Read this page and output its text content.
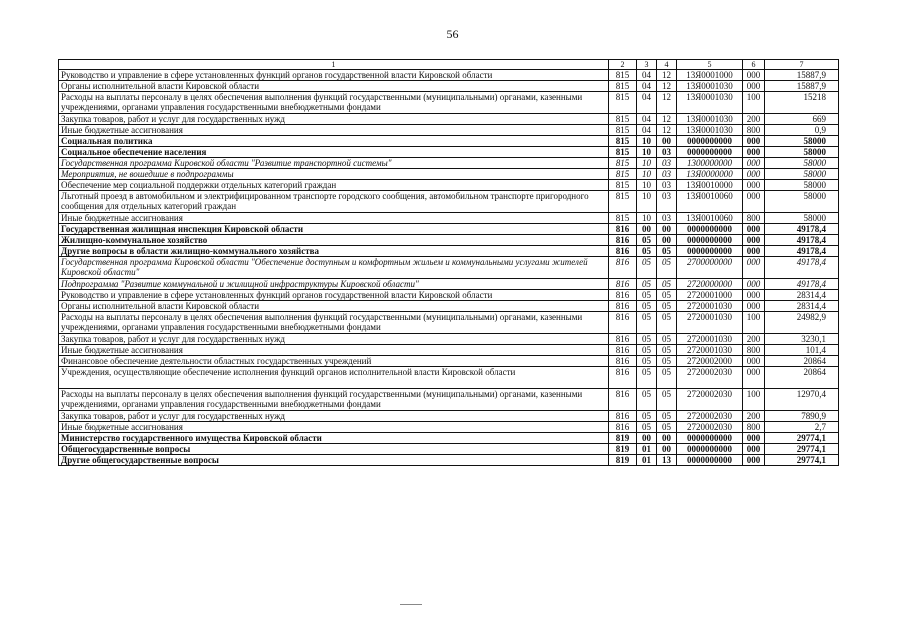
56
1	2	3	4	5	6	7
Руководство и управление в сфере установленных функций органов государственной власти Кировской области	815	04	12	13Я0001000	000	15887,9
Органы исполнительной власти Кировской области	815	04	12	13Я0001030	000	15887,9
Расходы на выплаты персоналу в целях обеспечения выполнения функций государственными (муниципальными) органами, казенными учреждениями, органами управления государственными внебюджетными фондами	815	04	12	13Я0001030	100	15218
Закупка товаров, работ и услуг для государственных нужд	815	04	12	13Я0001030	200	669
Иные бюджетные ассигнования	815	04	12	13Я0001030	800	0,9
Социальная политика	815	10	00	0000000000	000	58000
Социальное обеспечение населения	815	10	03	0000000000	000	58000
Государственная программа Кировской области "Развитие транспортной системы"	815	10	03	1300000000	000	58000
Мероприятия, не вошедшие в подпрограммы	815	10	03	13Я0000000	000	58000
Обеспечение мер социальной поддержки отдельных категорий граждан	815	10	03	13Я0010000	000	58000
Льготный проезд в автомобильном и электрифицированном транспорте городского сообщения, автомобильном транспорте пригородного сообщения для отдельных категорий граждан	815	10	03	13Я0010060	000	58000
Иные бюджетные ассигнования	815	10	03	13Я0010060	800	58000
Государственная жилищная инспекция Кировской области	816	00	00	0000000000	000	49178,4
Жилищно-коммунальное хозяйство	816	05	00	0000000000	000	49178,4
Другие вопросы в области жилищно-коммунального хозяйства	816	05	05	0000000000	000	49178,4
Государственная программа Кировской области "Обеспечение доступным и комфортным жильем и коммунальными услугами жителей Кировской области"	816	05	05	2700000000	000	49178,4
Подпрограмма "Развитие коммунальной и жилищной инфраструктуры Кировской области"	816	05	05	2720000000	000	49178,4
Руководство и управление в сфере установленных функций органов государственной власти Кировской области	816	05	05	2720001000	000	28314,4
Органы исполнительной власти Кировской области	816	05	05	2720001030	000	28314,4
Расходы на выплаты персоналу в целях обеспечения выполнения функций государственными (муниципальными) органами, казенными учреждениями, органами управления государственными внебюджетными фондами	816	05	05	2720001030	100	24982,9
Закупка товаров, работ и услуг для государственных нужд	816	05	05	2720001030	200	3230,1
Иные бюджетные ассигнования	816	05	05	2720001030	800	101,4
Финансовое обеспечение деятельности областных государственных учреждений	816	05	05	2720002000	000	20864
Учреждения, осуществляющие обеспечение исполнения функций органов исполнительной власти Кировской области	816	05	05	2720002030	000	20864
Расходы на выплаты персоналу в целях обеспечения выполнения функций государственными (муниципальными) органами, казенными учреждениями, органами управления государственными внебюджетными фондами	816	05	05	2720002030	100	12970,4
Закупка товаров, работ и услуг для государственных нужд	816	05	05	2720002030	200	7890,9
Иные бюджетные ассигнования	816	05	05	2720002030	800	2,7
Министерство государственного имущества Кировской области	819	00	00	0000000000	000	29774,1
Общегосударственные вопросы	819	01	00	0000000000	000	29774,1
Другие общегосударственные вопросы	819	01	13	0000000000	000	29774,1
